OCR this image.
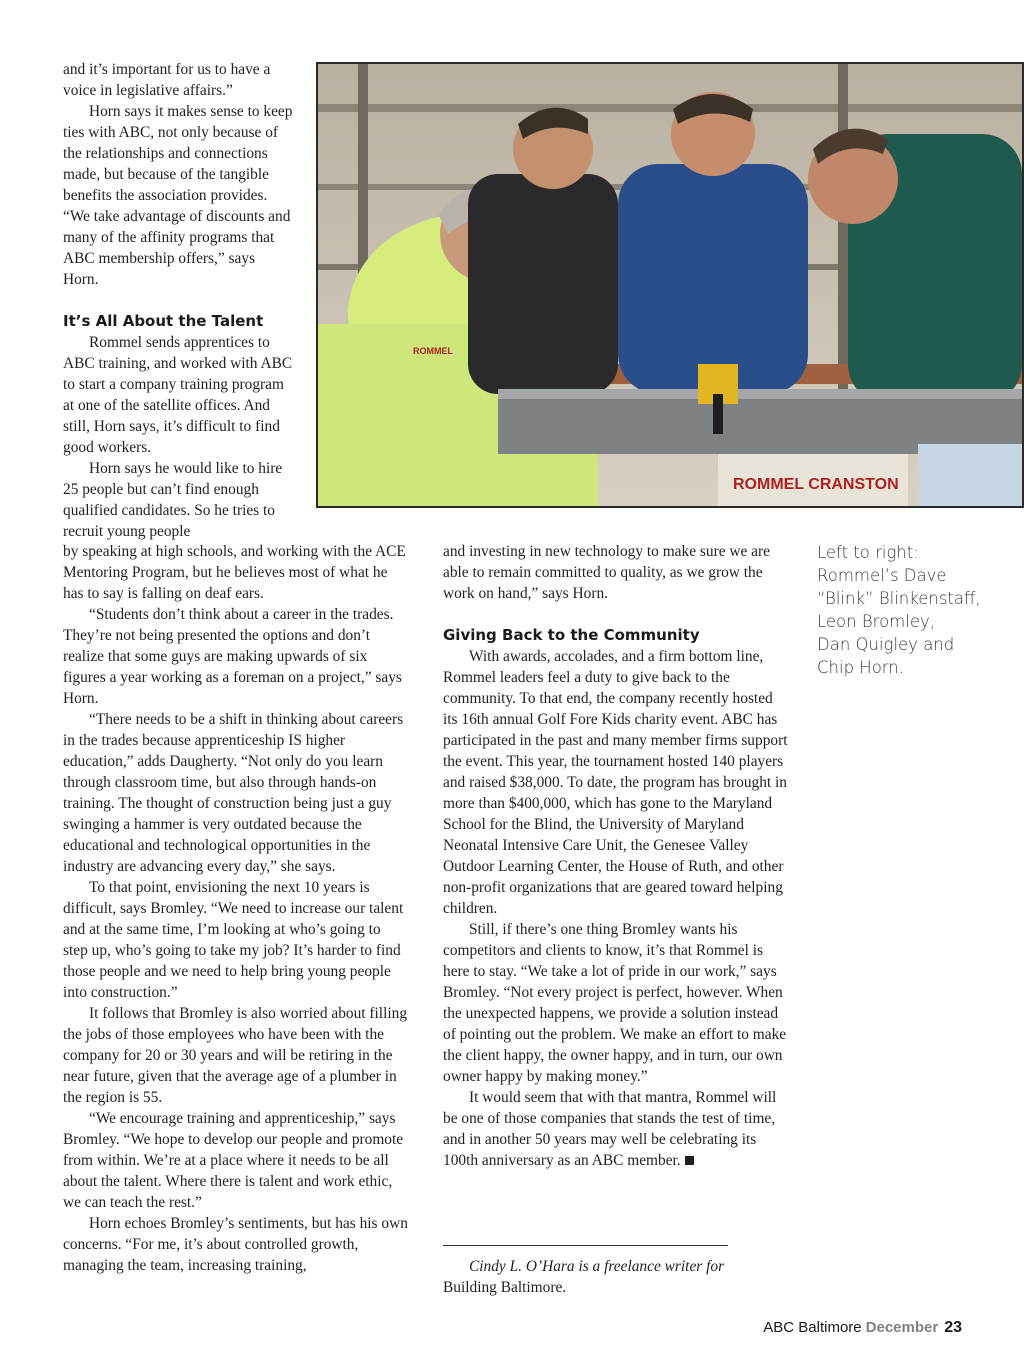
and it’s important for us to have a voice in legislative affairs.”

Horn says it makes sense to keep ties with ABC, not only because of the relationships and connections made, but because of the tangible benefits the association provides. “We take advantage of discounts and many of the affinity programs that ABC membership offers,” says Horn.

It’s All About the Talent

Rommel sends apprentices to ABC training, and worked with ABC to start a company training program at one of the satellite offices. And still, Horn says, it’s difficult to find good workers.

Horn says he would like to hire 25 people but can’t find enough qualified candidates. So he tries to recruit young people

by speaking at high schools, and working with the ACE Mentoring Program, but he believes most of what he has to say is falling on deaf ears.

“Students don’t think about a career in the trades. They’re not being presented the options and don’t realize that some guys are making upwards of six figures a year working as a foreman on a project,” says Horn.

“There needs to be a shift in thinking about careers in the trades because apprenticeship IS higher education,” adds Daugherty. “Not only do you learn through classroom time, but also through hands-on training. The thought of construction being just a guy swinging a hammer is very outdated because the educational and technological opportunities in the industry are advancing every day,” she says.

To that point, envisioning the next 10 years is difficult, says Bromley. “We need to increase our talent and at the same time, I’m looking at who’s going to step up, who’s going to take my job? It’s harder to find those people and we need to help bring young people into construction.”

It follows that Bromley is also worried about filling the jobs of those employees who have been with the company for 20 or 30 years and will be retiring in the near future, given that the average age of a plumber in the region is 55.

“We encourage training and apprenticeship,” says Bromley. “We hope to develop our people and promote from within. We’re at a place where it needs to be all about the talent. Where there is talent and work ethic, we can teach the rest.”

Horn echoes Bromley’s sentiments, but has his own concerns. “For me, it’s about controlled growth, managing the team, increasing training,

and investing in new technology to make sure we are able to remain committed to quality, as we grow the work on hand,” says Horn.

Giving Back to the Community

With awards, accolades, and a firm bottom line, Rommel leaders feel a duty to give back to the community. To that end, the company recently hosted its 16th annual Golf Fore Kids charity event. ABC has participated in the past and many member firms support the event. This year, the tournament hosted 140 players and raised $38,000. To date, the program has brought in more than $400,000, which has gone to the Maryland School for the Blind, the University of Maryland Neonatal Intensive Care Unit, the Genesee Valley Outdoor Learning Center, the House of Ruth, and other non-profit organizations that are geared toward helping children.

Still, if there’s one thing Bromley wants his competitors and clients to know, it’s that Rommel is here to stay. “We take a lot of pride in our work,” says Bromley. “Not every project is perfect, however. When the unexpected happens, we provide a solution instead of pointing out the problem. We make an effort to make the client happy, the owner happy, and in turn, our own owner happy by making money.”

It would seem that with that mantra, Rommel will be one of those companies that stands the test of time, and in another 50 years may well be celebrating its 100th anniversary as an ABC member.

Cindy L. O’Hara is a freelance writer for

Building Baltimore.

ROMMEL CRANSTON
ROMMEL
Left to right:
Rommel’s Dave
“Blink” Blinkenstaff,
Leon Bromley,
Dan Quigley and
Chip Horn.
ABC Baltimore December 23
